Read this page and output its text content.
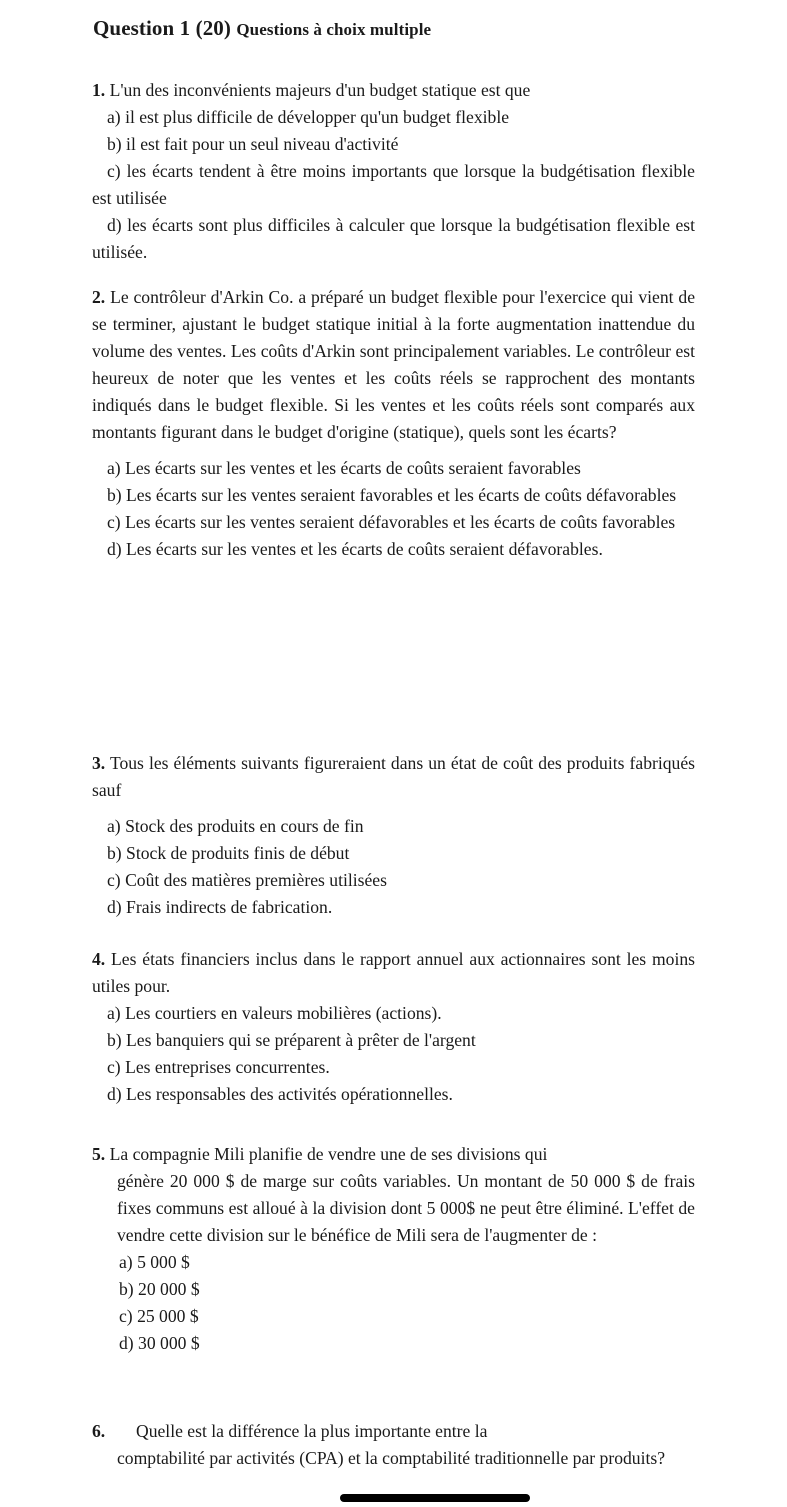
Question 1 (20) Questions à choix multiple

1. L'un des inconvénients majeurs d'un budget statique est que

a) il est plus difficile de développer qu'un budget flexible

b) il est fait pour un seul niveau d'activité

c) les écarts tendent à être moins importants que lorsque la budgétisation flexible est utilisée

d) les écarts sont plus difficiles à calculer que lorsque la budgétisation flexible est utilisée.

2. Le contrôleur d'Arkin Co. a préparé un budget flexible pour l'exercice qui vient de se terminer, ajustant le budget statique initial à la forte augmentation inattendue du volume des ventes. Les coûts d'Arkin sont principalement variables. Le contrôleur est heureux de noter que les ventes et les coûts réels se rapprochent des montants indiqués dans le budget flexible. Si les ventes et les coûts réels sont comparés aux montants figurant dans le budget d'origine (statique), quels sont les écarts?

a) Les écarts sur les ventes et les écarts de coûts seraient favorables

b) Les écarts sur les ventes seraient favorables et les écarts de coûts défavorables

c) Les écarts sur les ventes seraient défavorables et les écarts de coûts favorables

d) Les écarts sur les ventes et les écarts de coûts seraient défavorables.

3. Tous les éléments suivants figureraient dans un état de coût des produits fabriqués sauf

a) Stock des produits en cours de fin

b) Stock de produits finis de début

c) Coût des matières premières utilisées

d) Frais indirects de fabrication.

4. Les états financiers inclus dans le rapport annuel aux actionnaires sont les moins utiles pour.

a) Les courtiers en valeurs mobilières (actions).

b) Les banquiers qui se préparent à prêter de l'argent

c) Les entreprises concurrentes.

d) Les responsables des activités opérationnelles.

5. La compagnie Mili planifie de vendre une de ses divisions qui

génère 20 000 $ de marge sur coûts variables. Un montant de 50 000 $ de frais fixes communs est alloué à la division dont 5 000$ ne peut être éliminé. L'effet de vendre cette division sur le bénéfice de Mili sera de l'augmenter de :

a) 5 000 $

b) 20 000 $

c) 25 000 $

d) 30 000 $

6. Quelle est la différence la plus importante entre la

comptabilité par activités (CPA) et la comptabilité traditionnelle par produits?
